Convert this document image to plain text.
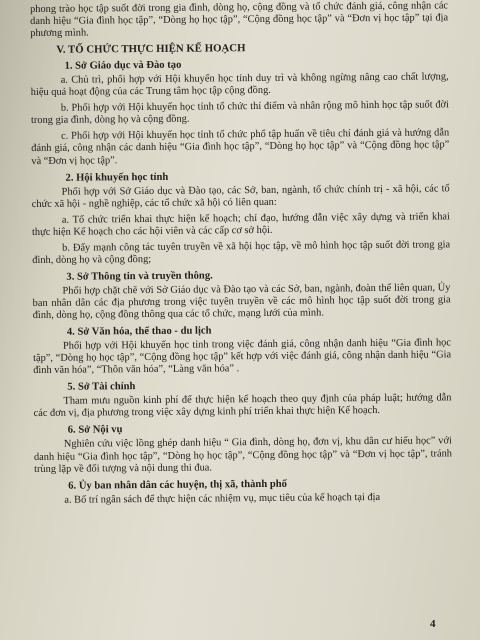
phong trào học tập suốt đời trong gia đình, dòng họ, cộng đồng và tổ chức đánh giá, công nhận các danh hiệu “Gia đình học tập”, “Dòng họ học tập”, “Cộng đồng học tập” và “Đơn vị học tập” tại địa phương mình.

V. TỔ CHỨC THỰC HIỆN KẾ HOẠCH
1. Sở Giáo dục và Đào tạo

a. Chủ trì, phối hợp với Hội khuyến học tỉnh duy trì và không ngừng nâng cao chất lượng, hiệu quả hoạt động của các Trung tâm học tập cộng đồng.

b. Phối hợp với Hội khuyến học tỉnh tổ chức thí điểm và nhân rộng mô hình học tập suốt đời trong gia đình, dòng họ và cộng đồng.

c. Phối hợp với Hội khuyến học tỉnh tổ chức phổ tập huấn về tiêu chí đánh giá và hướng dẫn đánh giá, công nhận các danh hiệu “Gia đình học tập”, “Dòng họ học tập” và “Cộng đồng học tập” và “Đơn vị học tập”.

2. Hội khuyến học tỉnh

Phối hợp với Sở Giáo dục và Đào tạo, các Sở, ban, ngành, tổ chức chính trị - xã hội, các tổ chức xã hội - nghề nghiệp, các tổ chức xã hội có liên quan:

a. Tổ chức triển khai thực hiện kế hoạch; chỉ đạo, hướng dẫn việc xây dựng và triển khai thực hiện Kế hoạch cho các hội viên và các cấp cơ sở hội.

b. Đẩy mạnh công tác tuyên truyền về xã hội học tập, về mô hình học tập suốt đời trong gia đình, dòng họ và cộng đồng;

3. Sở Thông tin và truyền thông.

Phối hợp chặt chẽ với Sở Giáo dục và Đào tạo và các Sở, ban, ngành, đoàn thể liên quan, Ủy ban nhân dân các địa phương trong việc tuyên truyền về các mô hình học tập suốt đời trong gia đình, dòng họ, cộng đồng thông qua các tổ chức, mạng lưới của mình.

4. Sở Văn hóa, thể thao - du lịch

Phối hợp với Hội khuyến học tỉnh trong việc đánh giá, công nhận danh hiệu “Gia đình học tập”, “Dòng họ học tập”, “Cộng đồng học tập” kết hợp với việc đánh giá, công nhận danh hiệu “Gia đình văn hóa”, “Thôn văn hóa”, “Làng văn hóa” .

5. Sở Tài chính

Tham mưu nguồn kinh phí để thực hiện kế hoạch theo quy định của pháp luật; hướng dẫn các đơn vị, địa phương trong việc xây dựng kinh phí triển khai thực hiện Kế hoạch.

6. Sở Nội vụ

Nghiên cứu việc lồng ghép danh hiệu “ Gia đình, dòng họ, đơn vị, khu dân cư hiếu học” với danh hiệu “Gia đình học tập”, “Dòng họ học tập”, “Cộng đồng học tập” và “Đơn vị học tập”, tránh trùng lặp về đối tượng và nội dung thi đua.

6. Ủy ban nhân dân các huyện, thị xã, thành phố

a. Bố trí ngân sách để thực hiện các nhiệm vụ, mục tiêu của kế hoạch tại địa

4
